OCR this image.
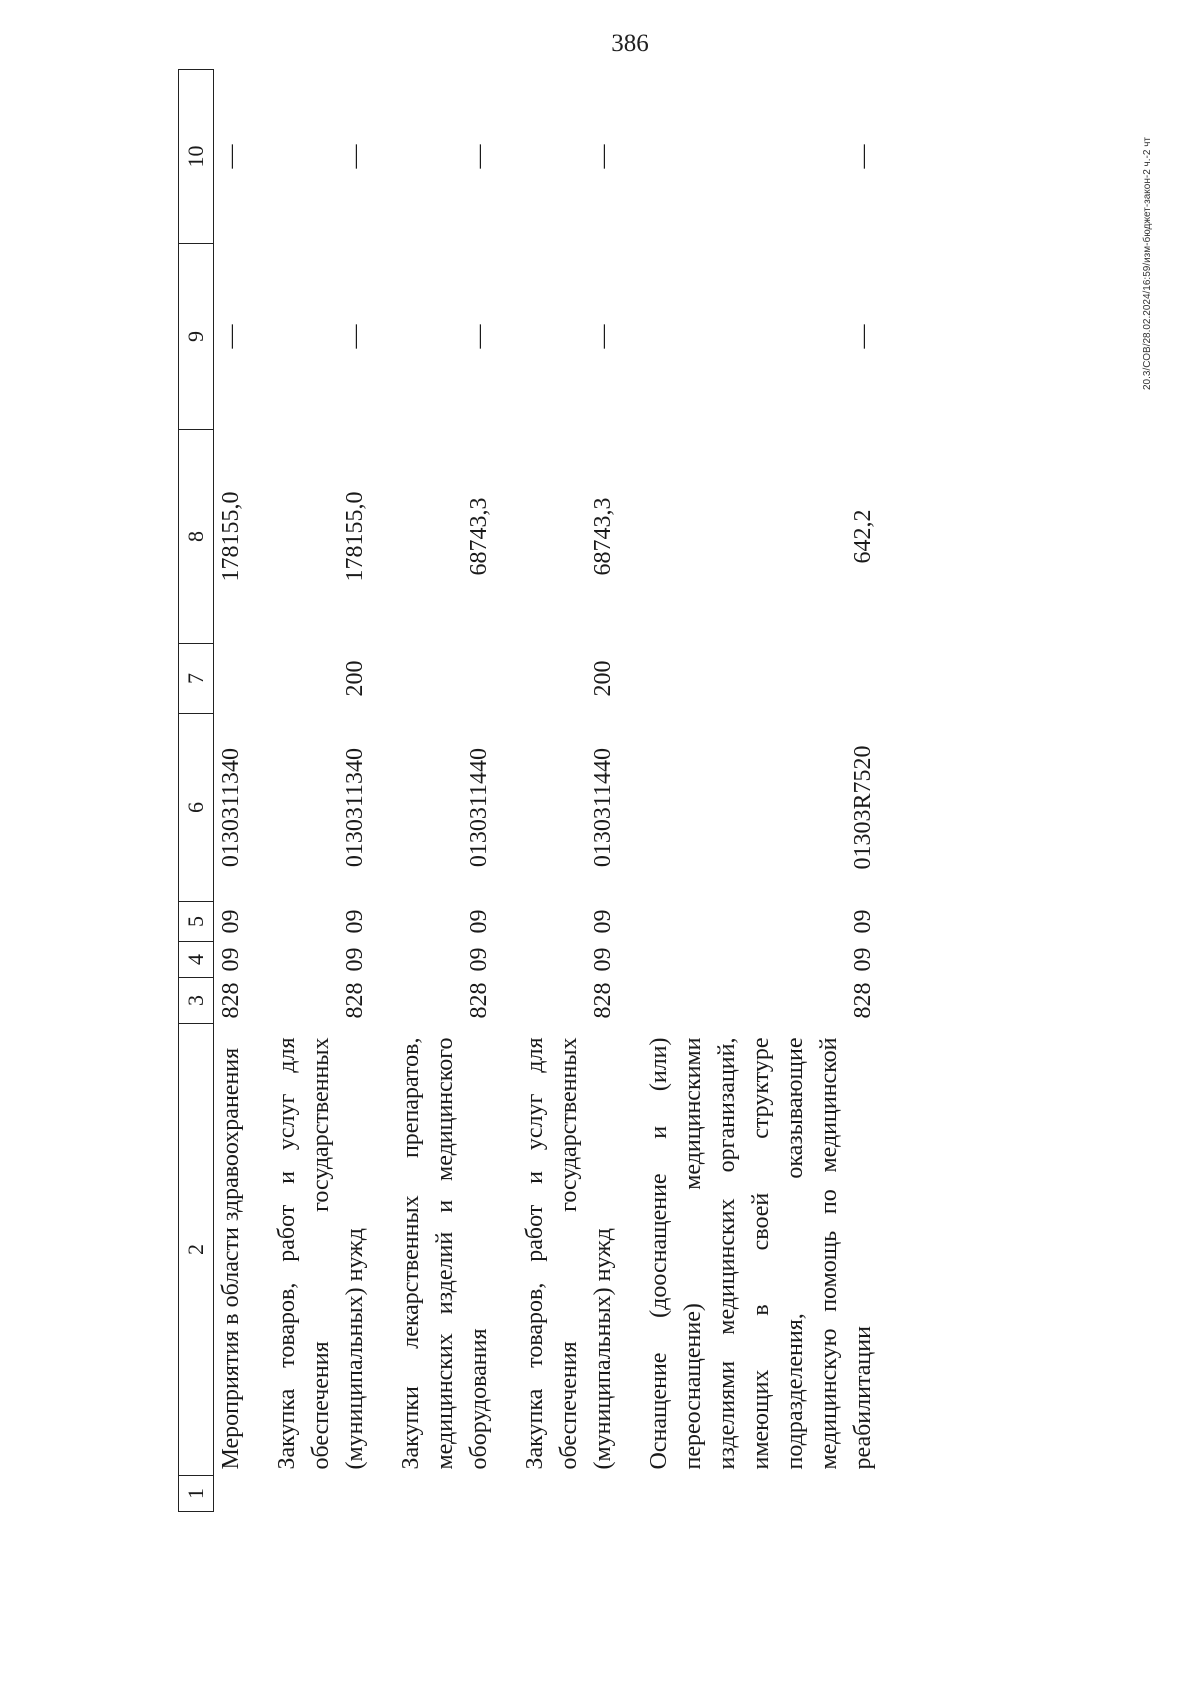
386
1	2	3	4	5	6	7	8	9	10
	Мероприятия в области здравоохранения	828	09	09	0130311340		178155,0	—	—
	Закупка товаров, работ и услуг для обеспечения государственных (муниципальных) нужд	828	09	09	0130311340	200	178155,0	—	—
	Закупки лекарственных препаратов, медицинских изделий и медицинского оборудования	828	09	09	0130311440		68743,3	—	—
	Закупка товаров, работ и услуг для обеспечения государственных (муниципальных) нужд	828	09	09	0130311440	200	68743,3	—	—
	Оснащение (дооснащение и (или) переоснащение) медицинскими изделиями медицинских организаций, имеющих в своей структуре подразделения, оказывающие медицинскую помощь по медицинской реабилитации	828	09	09	01303R7520		642,2	—	—	20.3/СОВ/28.02.2024/16:59/изм-бюджет-закон-2 ч.-2 чт
